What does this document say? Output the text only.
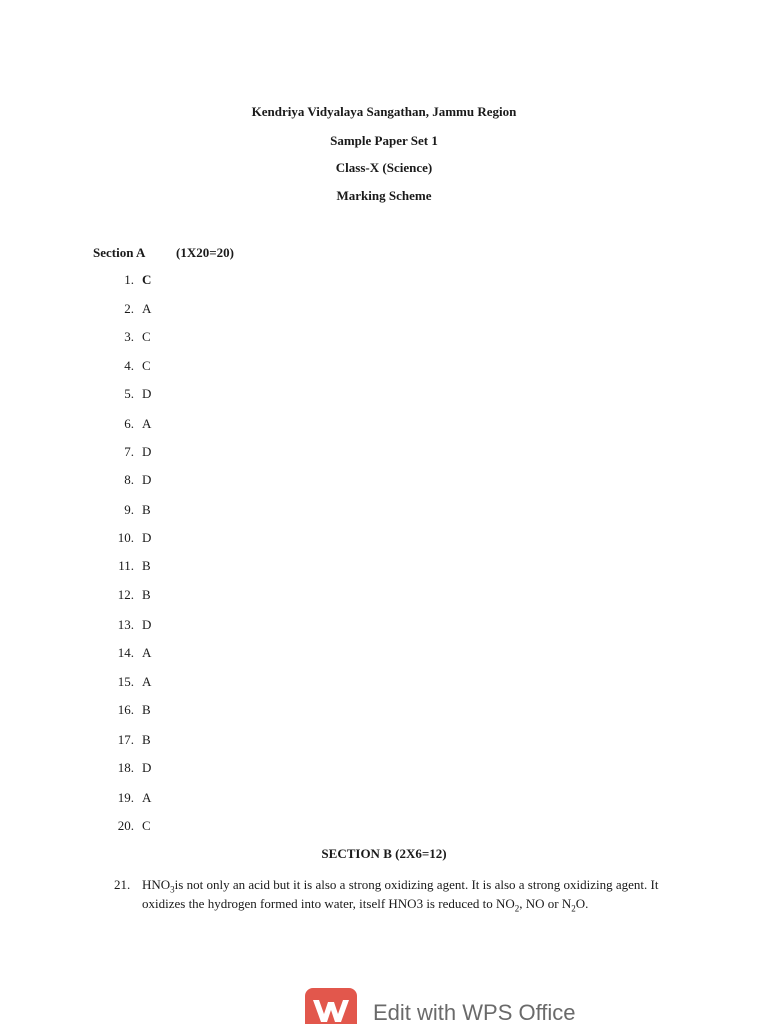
Kendriya Vidyalaya Sangathan, Jammu Region
Sample Paper Set 1
Class-X (Science)
Marking Scheme
Section A (1X20=20)
1. C
2. A
3. C
4. C
5. D
6. A
7. D
8. D
9. B
10. D
11. B
12. B
13. D
14. A
15. A
16. B
17. B
18. D
19. A
20. C
SECTION B (2X6=12)
21. $HNO_3is$ not only an acid but it is also a strong oxidizing agent. It is also a strong oxidizing agent. It oxidizes the hydrogen formed into water, itself HNO3 is reduced to $NO_2$, NO or $N_2O$.
Edit with WPS Office
